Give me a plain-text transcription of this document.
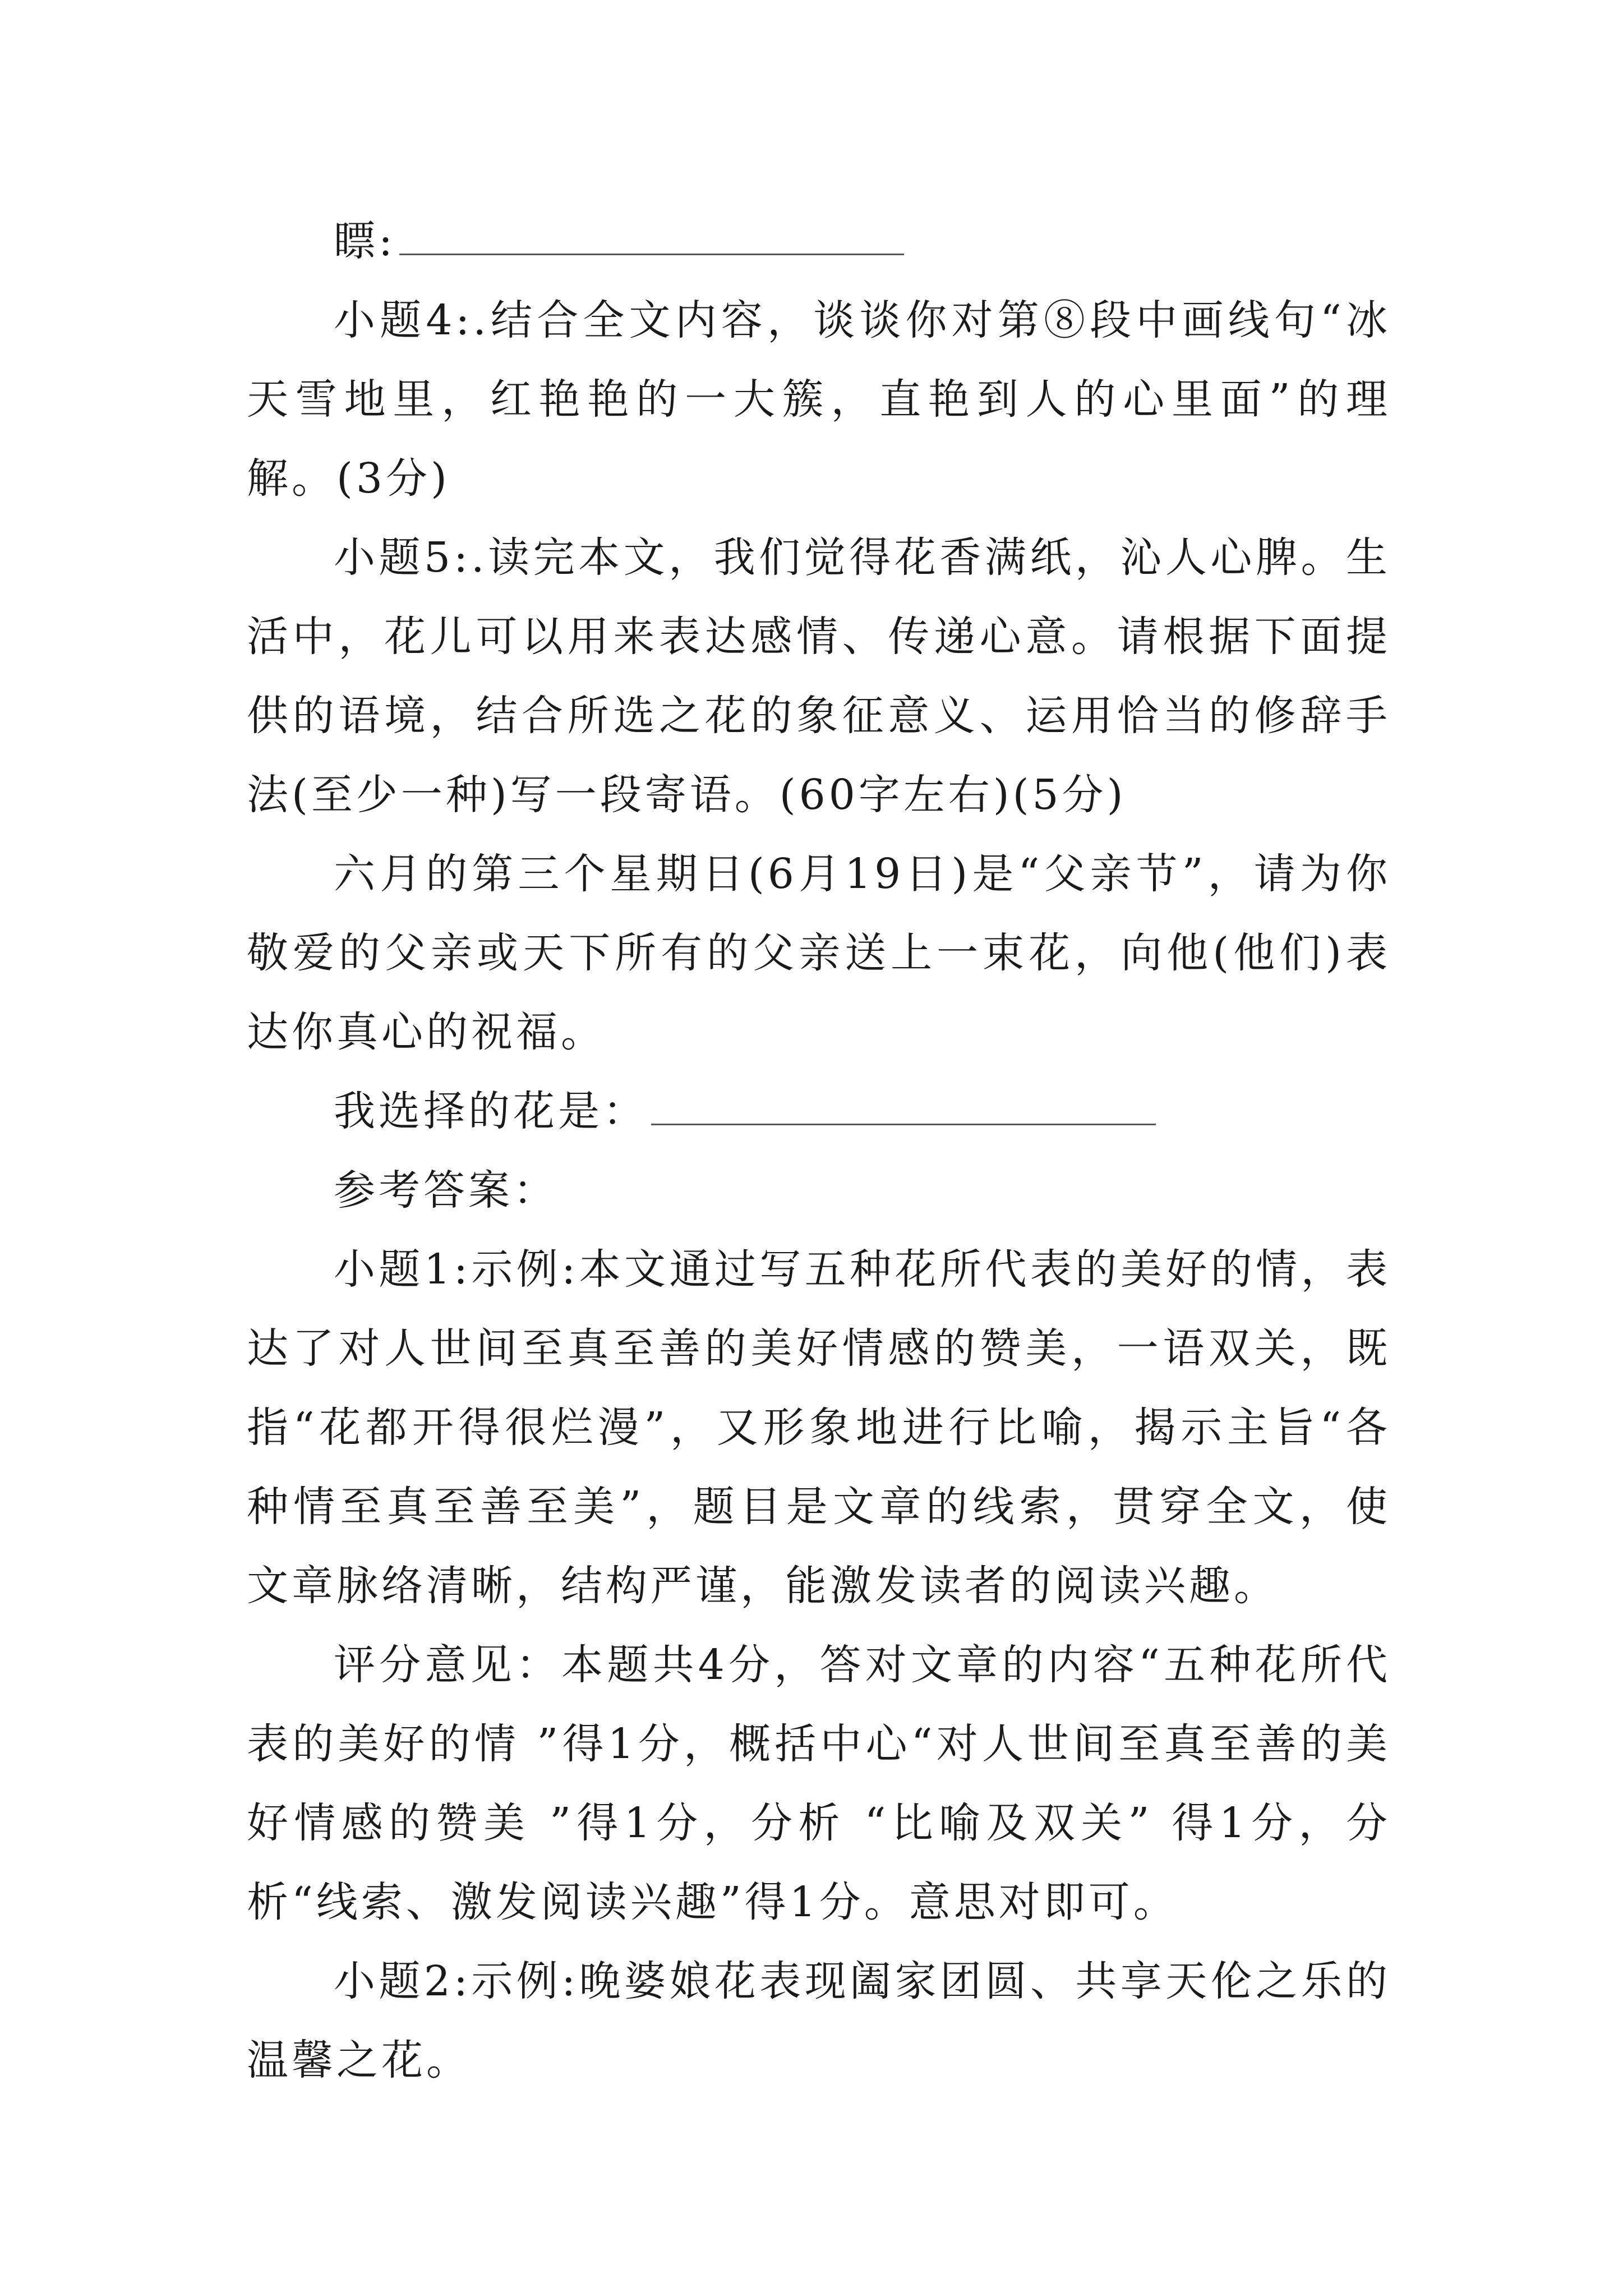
瞟:

小题4:.结合全文内容，谈谈你对第⑧段中画线句“冰天雪地里，红艳艳的一大簇，直艳到人的心里面”的理解。(3分)

小题5:.读完本文，我们觉得花香满纸，沁人心脾。生活中，花儿可以用来表达感情、传递心意。请根据下面提供的语境，结合所选之花的象征意义、运用恰当的修辞手法(至少一种)写一段寄语。(60字左右)(5分)

六月的第三个星期日(6月19日)是“父亲节”，请为你敬爱的父亲或天下所有的父亲送上一束花，向他(他们)表达你真心的祝福。

我选择的花是：

参考答案：

小题1:示例:本文通过写五种花所代表的美好的情，表达了对人世间至真至善的美好情感的赞美，一语双关，既指“花都开得很烂漫”，又形象地进行比喻，揭示主旨“各种情至真至善至美”，题目是文章的线索，贯穿全文，使文章脉络清晰，结构严谨，能激发读者的阅读兴趣。

评分意见：本题共4分，答对文章的内容“五种花所代表的美好的情 ”得1分，概括中心“对人世间至真至善的美好情感的赞美 ”得1分，分析 “比喻及双关” 得1分，分析“线索、激发阅读兴趣”得1分。意思对即可。

小题2:示例:晚婆娘花表现阖家团圆、共享天伦之乐的温馨之花。
